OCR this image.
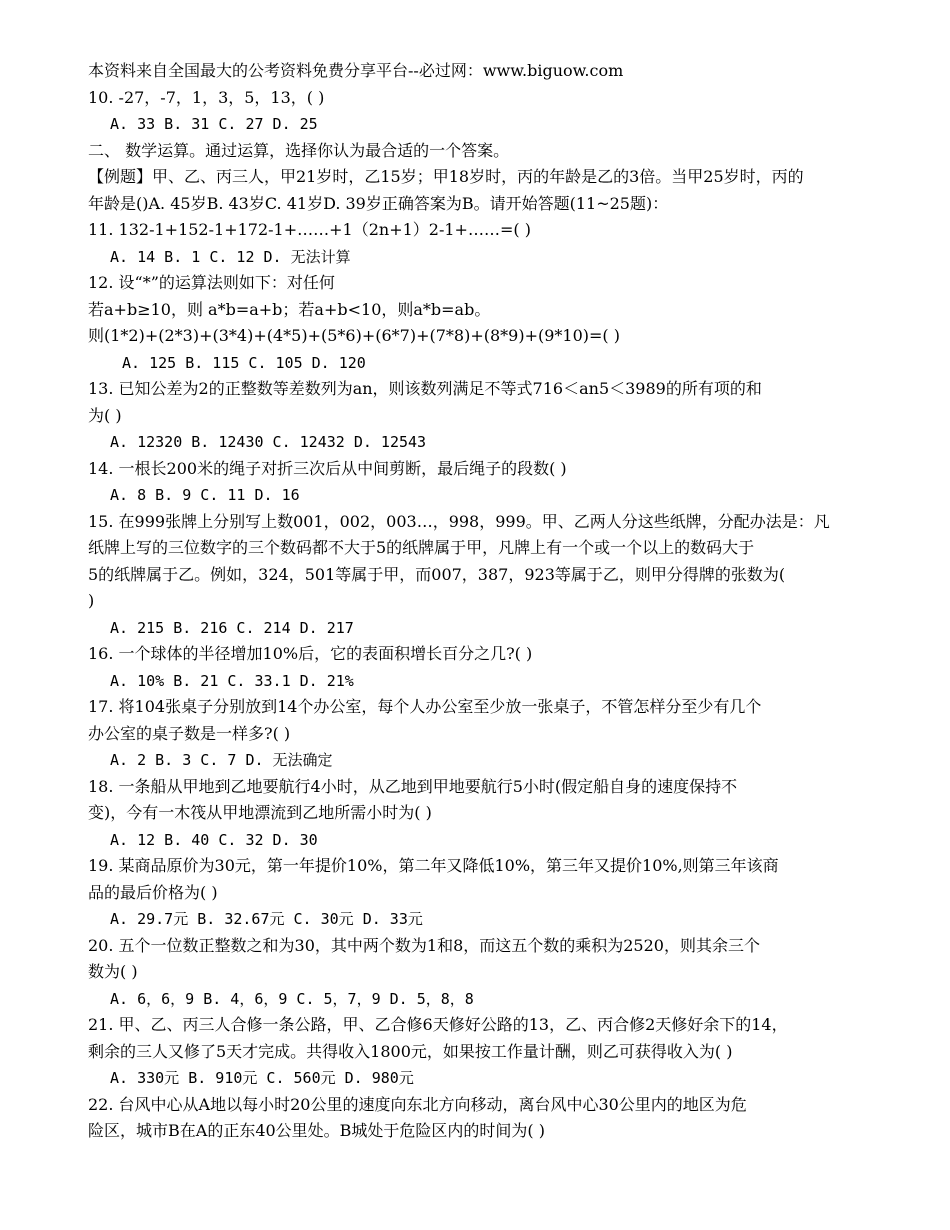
本资料来自全国最大的公考资料免费分享平台--必过网：www.biguow.com
10. -27，-7，1，3，5，13，( )
A. 33 B. 31 C. 27 D. 25
二、 数学运算。通过运算，选择你认为最合适的一个答案。
【例题】甲、乙、丙三人，甲21岁时，乙15岁；甲18岁时，丙的年龄是乙的3倍。当甲25岁时，丙的
年龄是()A. 45岁B. 43岁C. 41岁D. 39岁正确答案为B。请开始答题(11~25题)：
11. 132-1+152-1+172-1+……+1（2n+1）2-1+……=( )
A. 14 B. 1 C. 12 D. 无法计算
12. 设“*”的运算法则如下：对任何
若a+b≥10，则 a*b=a+b；若a+b<10，则a*b=ab。
则(1*2)+(2*3)+(3*4)+(4*5)+(5*6)+(6*7)+(7*8)+(8*9)+(9*10)=( )
A. 125 B. 115 C. 105 D. 120
13. 已知公差为2的正整数等差数列为an，则该数列满足不等式716＜an5＜3989的所有项的和
为( )
A. 12320 B. 12430 C. 12432 D. 12543
14. 一根长200米的绳子对折三次后从中间剪断，最后绳子的段数( )
A. 8 B. 9 C. 11 D. 16
15. 在999张牌上分别写上数001，002，003…，998，999。甲、乙两人分这些纸牌，分配办法是：凡
纸牌上写的三位数字的三个数码都不大于5的纸牌属于甲，凡牌上有一个或一个以上的数码大于
5的纸牌属于乙。例如，324，501等属于甲，而007，387，923等属于乙，则甲分得牌的张数为(
)
A. 215 B. 216 C. 214 D. 217
16. 一个球体的半径增加10%后，它的表面积增长百分之几?( )
A. 10% B. 21 C. 33.1 D. 21%
17. 将104张桌子分别放到14个办公室，每个人办公室至少放一张桌子，不管怎样分至少有几个
办公室的桌子数是一样多?( )
A. 2 B. 3 C. 7 D. 无法确定
18. 一条船从甲地到乙地要航行4小时，从乙地到甲地要航行5小时(假定船自身的速度保持不
变)，今有一木筏从甲地漂流到乙地所需小时为( )
A. 12 B. 40 C. 32 D. 30
19. 某商品原价为30元，第一年提价10%，第二年又降低10%，第三年又提价10%,则第三年该商
品的最后价格为( )
A. 29.7元 B. 32.67元 C. 30元 D. 33元
20. 五个一位数正整数之和为30，其中两个数为1和8，而这五个数的乘积为2520，则其余三个
数为( )
A. 6，6，9 B. 4，6，9 C. 5，7，9 D. 5，8，8
21. 甲、乙、丙三人合修一条公路，甲、乙合修6天修好公路的13，乙、丙合修2天修好余下的14，
剩余的三人又修了5天才完成。共得收入1800元，如果按工作量计酬，则乙可获得收入为( )
A. 330元 B. 910元 C. 560元 D. 980元
22. 台风中心从A地以每小时20公里的速度向东北方向移动，离台风中心30公里内的地区为危
险区，城市B在A的正东40公里处。B城处于危险区内的时间为( )
